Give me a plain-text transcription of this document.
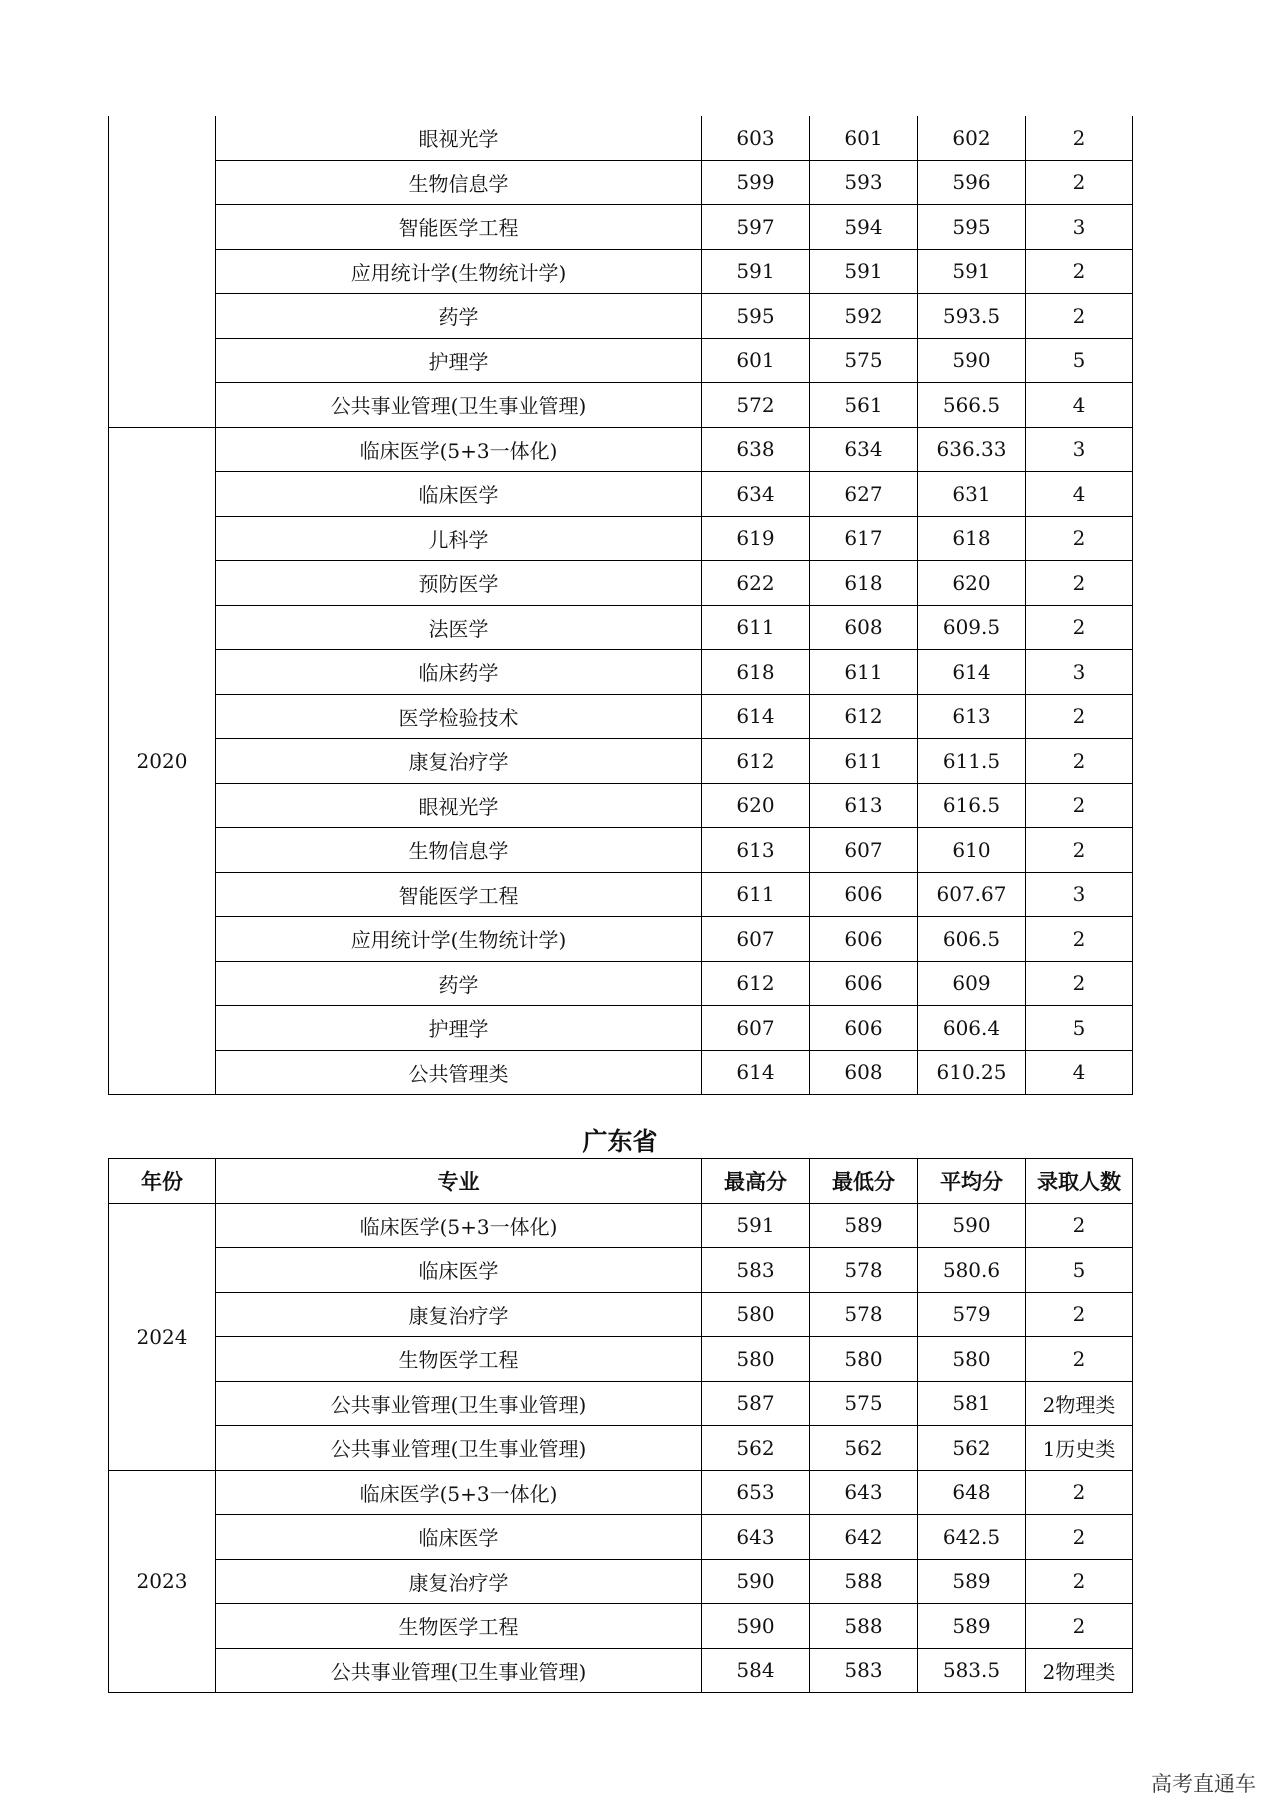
	眼视光学	603	601	602	2
	生物信息学	599	593	596	2
	智能医学工程	597	594	595	3
	应用统计学(生物统计学)	591	591	591	2
	药学	595	592	593.5	2
	护理学	601	575	590	5
	公共事业管理(卫生事业管理)	572	561	566.5	4
2020	临床医学(5+3一体化)	638	634	636.33	3
	临床医学	634	627	631	4
	儿科学	619	617	618	2
	预防医学	622	618	620	2
	法医学	611	608	609.5	2
	临床药学	618	611	614	3
	医学检验技术	614	612	613	2
	康复治疗学	612	611	611.5	2
	眼视光学	620	613	616.5	2
	生物信息学	613	607	610	2
	智能医学工程	611	606	607.67	3
	应用统计学(生物统计学)	607	606	606.5	2
	药学	612	606	609	2
	护理学	607	606	606.4	5
	公共管理类	614	608	610.25	4
广东省
年份	专业	最高分	最低分	平均分	录取人数
2024	临床医学(5+3一体化)	591	589	590	2
	临床医学	583	578	580.6	5
	康复治疗学	580	578	579	2
	生物医学工程	580	580	580	2
	公共事业管理(卫生事业管理)	587	575	581	2物理类
	公共事业管理(卫生事业管理)	562	562	562	1历史类
2023	临床医学(5+3一体化)	653	643	648	2
	临床医学	643	642	642.5	2
	康复治疗学	590	588	589	2
	生物医学工程	590	588	589	2
	公共事业管理(卫生事业管理)	584	583	583.5	2物理类
高考直通车
